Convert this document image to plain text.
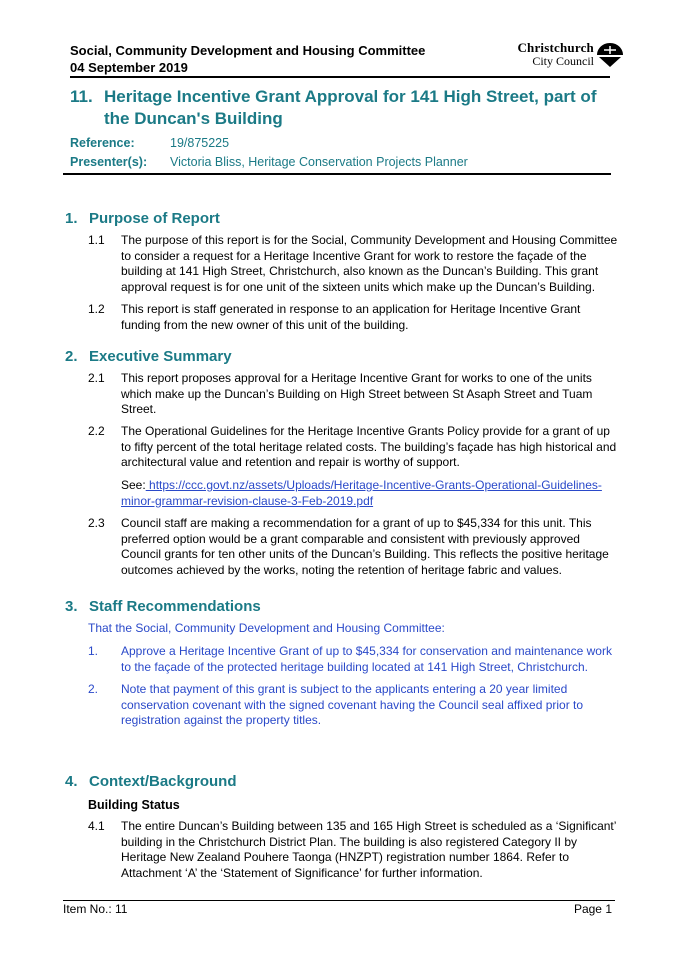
Social, Community Development and Housing Committee
04 September 2019
Christchurch
City Council
11. Heritage Incentive Grant Approval for 141 High Street, part of the Duncan's Building
Reference:	19/875225
Presenter(s): Victoria Bliss, Heritage Conservation Projects Planner
1. Purpose of Report
1.1 The purpose of this report is for the Social, Community Development and Housing Committee to consider a request for a Heritage Incentive Grant for work to restore the façade of the building at 141 High Street, Christchurch, also known as the Duncan’s Building. This grant approval request is for one unit of the sixteen units which make up the Duncan’s Building.
1.2 This report is staff generated in response to an application for Heritage Incentive Grant funding from the new owner of this unit of the building.
2. Executive Summary
2.1 This report proposes approval for a Heritage Incentive Grant for works to one of the units which make up the Duncan’s Building on High Street between St Asaph Street and Tuam Street.
2.2 The Operational Guidelines for the Heritage Incentive Grants Policy provide for a grant of up to fifty percent of the total heritage related costs. The building’s façade has high historical and architectural value and retention and repair is worthy of support.
See: https://ccc.govt.nz/assets/Uploads/Heritage-Incentive-Grants-Operational-Guidelines-minor-grammar-revision-clause-3-Feb-2019.pdf
2.3 Council staff are making a recommendation for a grant of up to $45,334 for this unit. This preferred option would be a grant comparable and consistent with previously approved Council grants for ten other units of the Duncan’s Building. This reflects the positive heritage outcomes achieved by the works, noting the retention of heritage fabric and values.
3. Staff Recommendations
That the Social, Community Development and Housing Committee:
1. Approve a Heritage Incentive Grant of up to $45,334 for conservation and maintenance work to the façade of the protected heritage building located at 141 High Street, Christchurch.
2. Note that payment of this grant is subject to the applicants entering a 20 year limited conservation covenant with the signed covenant having the Council seal affixed prior to registration against the property titles.
4. Context/Background
Building Status
4.1 The entire Duncan’s Building between 135 and 165 High Street is scheduled as a ‘Significant’ building in the Christchurch District Plan. The building is also registered Category II by Heritage New Zealand Pouhere Taonga (HNZPT) registration number 1864. Refer to Attachment ‘A’ the ‘Statement of Significance’ for further information.
Item No.: 11	Page 1
